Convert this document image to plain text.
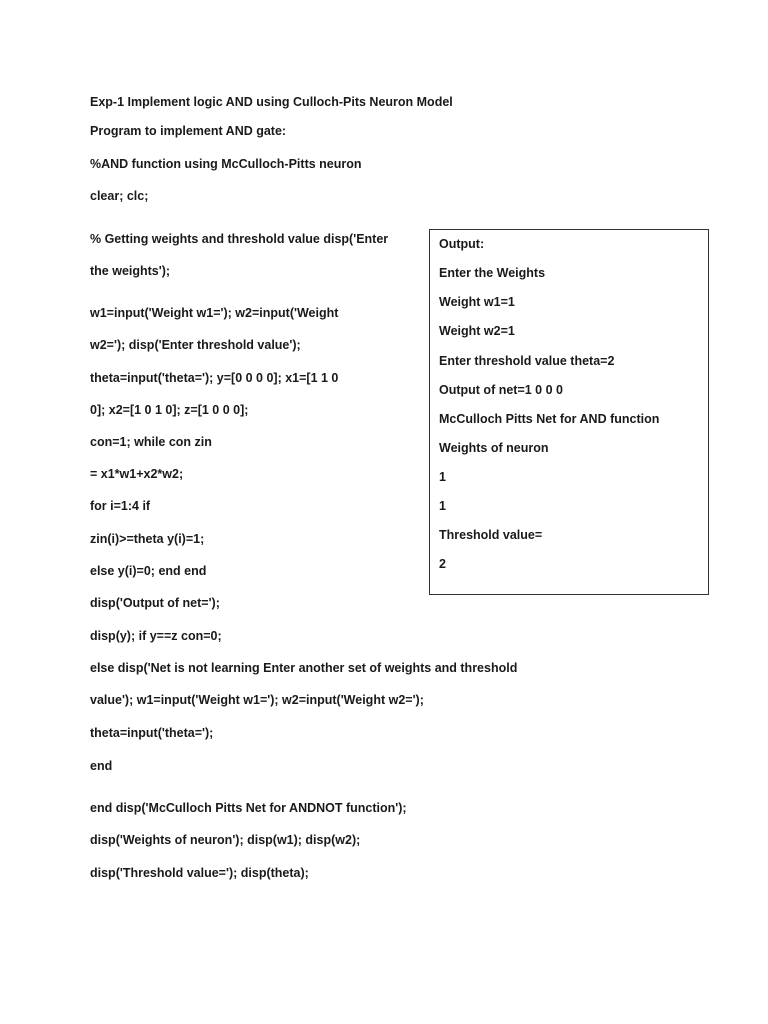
Exp-1 Implement logic AND using Culloch-Pits Neuron Model
Program to implement AND gate:
%AND function using McCulloch-Pitts neuron
clear; clc;
% Getting weights and threshold value disp('Enter
the weights');
w1=input('Weight w1='); w2=input('Weight
w2='); disp('Enter threshold value');
theta=input('theta='); y=[0 0 0 0]; x1=[1 1 0
0]; x2=[1 0 1 0]; z=[1 0 0 0];
con=1; while con zin
= x1*w1+x2*w2;
for i=1:4 if
zin(i)>=theta y(i)=1;
else y(i)=0; end end
disp('Output of net=');
disp(y); if y==z con=0;
else disp('Net is not learning Enter another set of weights and threshold
value'); w1=input('Weight w1='); w2=input('Weight w2=');
theta=input('theta=');
end
end disp('McCulloch Pitts Net for ANDNOT function');
disp('Weights of neuron'); disp(w1); disp(w2);
disp('Threshold value='); disp(theta);
Output:
Enter the Weights
Weight w1=1
Weight w2=1
Enter threshold value theta=2
Output of net=1 0 0 0
McCulloch Pitts Net for AND function
Weights of neuron
1
1
Threshold value=
2
